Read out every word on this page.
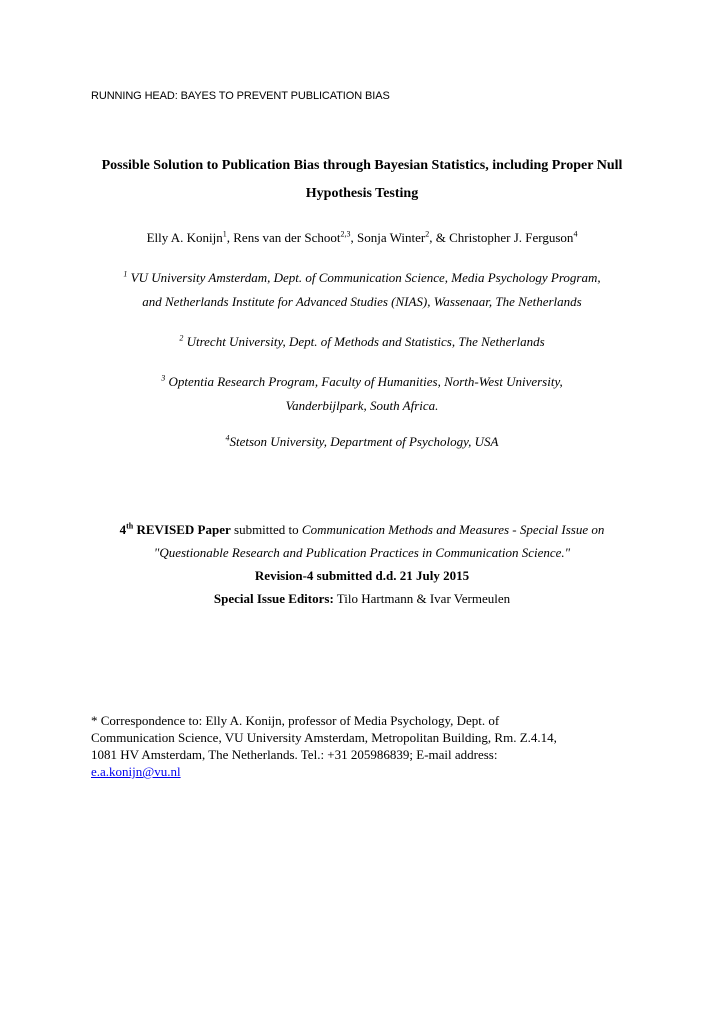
RUNNING HEAD: BAYES TO PREVENT PUBLICATION BIAS
Possible Solution to Publication Bias through Bayesian Statistics, including Proper Null
Hypothesis Testing
Elly A. Konijn$^1$, Rens van der Schoot$^{2,3}$, Sonja Winter$^2$, & Christopher J. Ferguson$^4$
$^1$ VU University Amsterdam, Dept. of Communication Science, Media Psychology Program,
and Netherlands Institute for Advanced Studies (NIAS), Wassenaar, The Netherlands
$^2$ Utrecht University, Dept. of Methods and Statistics, The Netherlands
$^3$ Optentia Research Program, Faculty of Humanities, North-West University,
Vanderbijlpark, South Africa.
$^4$Stetson University, Department of Psychology, USA
4th REVISED Paper submitted to Communication Methods and Measures - Special Issue on
"Questionable Research and Publication Practices in Communication Science."
Revision-4 submitted d.d. 21 July 2015
Special Issue Editors: Tilo Hartmann & Ivar Vermeulen
* Correspondence to: Elly A. Konijn, professor of Media Psychology, Dept. of
Communication Science, VU University Amsterdam, Metropolitan Building, Rm. Z.4.14,
1081 HV Amsterdam, The Netherlands. Tel.: +31 205986839; E-mail address:
e.a.konijn@vu.nl
